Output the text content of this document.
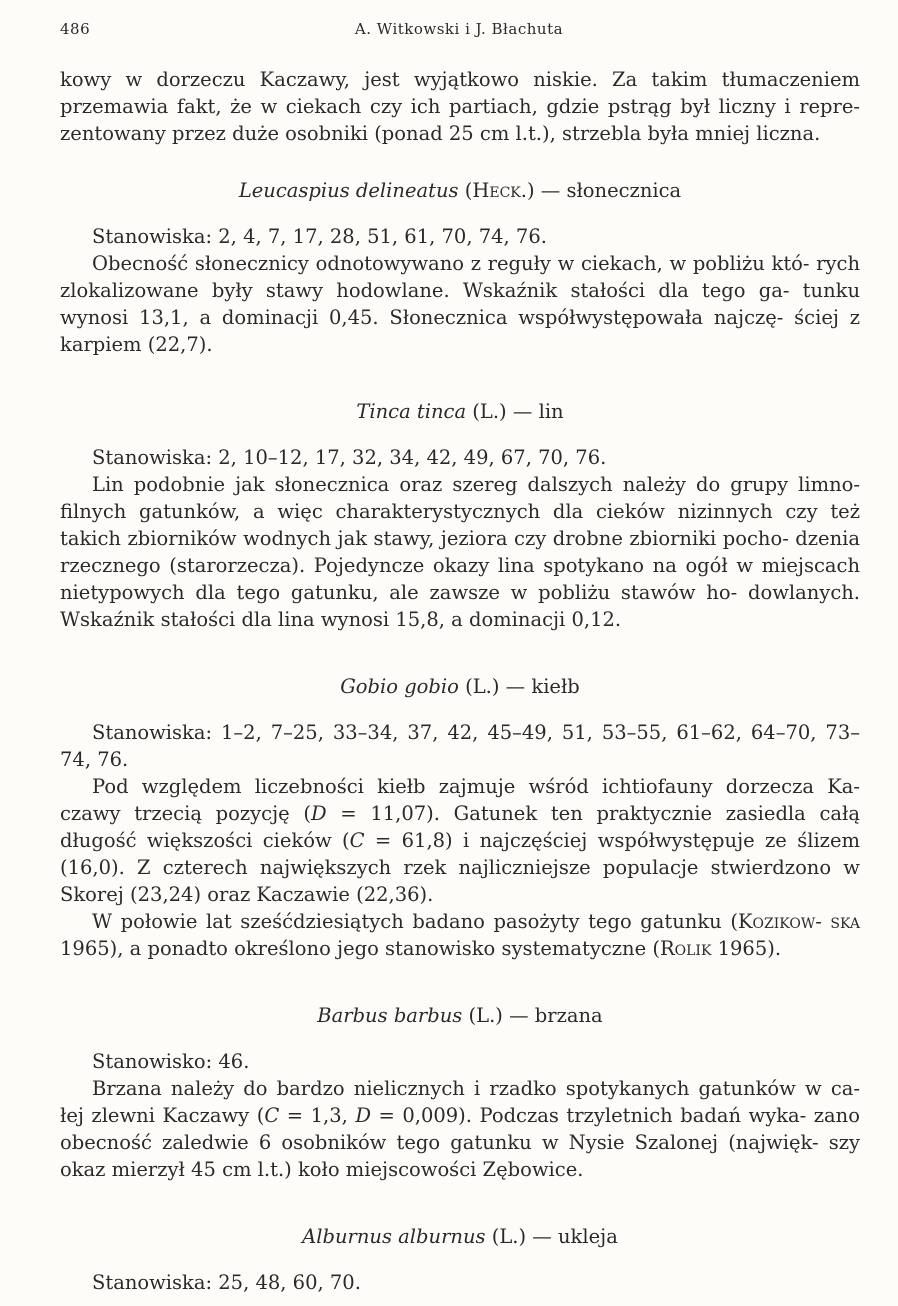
486	A. Witkowski i J. Błachuta

kowy w dorzeczu Kaczawy, jest wyjątkowo niskie. Za takim tłumaczeniem przemawia fakt, że w ciekach czy ich partiach, gdzie pstrąg był liczny i repre- zentowany przez duże osobniki (ponad 25 cm l.t.), strzebla była mniej liczna.

Leucaspius delineatus (Heck.) — słonecznica

Stanowiska: 2, 4, 7, 17, 28, 51, 61, 70, 74, 76.

Obecność słonecznicy odnotowywano z reguły w ciekach, w pobliżu któ- rych zlokalizowane były stawy hodowlane. Wskaźnik stałości dla tego ga- tunku wynosi 13,1, a dominacji 0,45. Słonecznica współwystępowała najczę- ściej z karpiem (22,7).

Tinca tinca (L.) — lin

Stanowiska: 2, 10–12, 17, 32, 34, 42, 49, 67, 70, 76.

Lin podobnie jak słonecznica oraz szereg dalszych należy do grupy limno- filnych gatunków, a więc charakterystycznych dla cieków nizinnych czy też takich zbiorników wodnych jak stawy, jeziora czy drobne zbiorniki pocho- dzenia rzecznego (starorzecza). Pojedyncze okazy lina spotykano na ogół w miejscach nietypowych dla tego gatunku, ale zawsze w pobliżu stawów ho- dowlanych. Wskaźnik stałości dla lina wynosi 15,8, a dominacji 0,12.

Gobio gobio (L.) — kiełb

Stanowiska: 1–2, 7–25, 33–34, 37, 42, 45–49, 51, 53–55, 61–62, 64–70, 73–74, 76.

Pod względem liczebności kiełb zajmuje wśród ichtiofauny dorzecza Ka- czawy trzecią pozycję (D = 11,07). Gatunek ten praktycznie zasiedla całą długość większości cieków (C = 61,8) i najczęściej współwystępuje ze ślizem (16,0). Z czterech największych rzek najliczniejsze populacje stwierdzono w Skorej (23,24) oraz Kaczawie (22,36).

W połowie lat sześćdziesiątych badano pasożyty tego gatunku (Kozikow- ska 1965), a ponadto określono jego stanowisko systematyczne (Rolik 1965).

Barbus barbus (L.) — brzana

Stanowisko: 46.

Brzana należy do bardzo nielicznych i rzadko spotykanych gatunków w ca- łej zlewni Kaczawy (C = 1,3, D = 0,009). Podczas trzyletnich badań wyka- zano obecność zaledwie 6 osobników tego gatunku w Nysie Szalonej (najwięk- szy okaz mierzył 45 cm l.t.) koło miejscowości Zębowice.

Alburnus alburnus (L.) — ukleja

Stanowiska: 25, 48, 60, 70.
